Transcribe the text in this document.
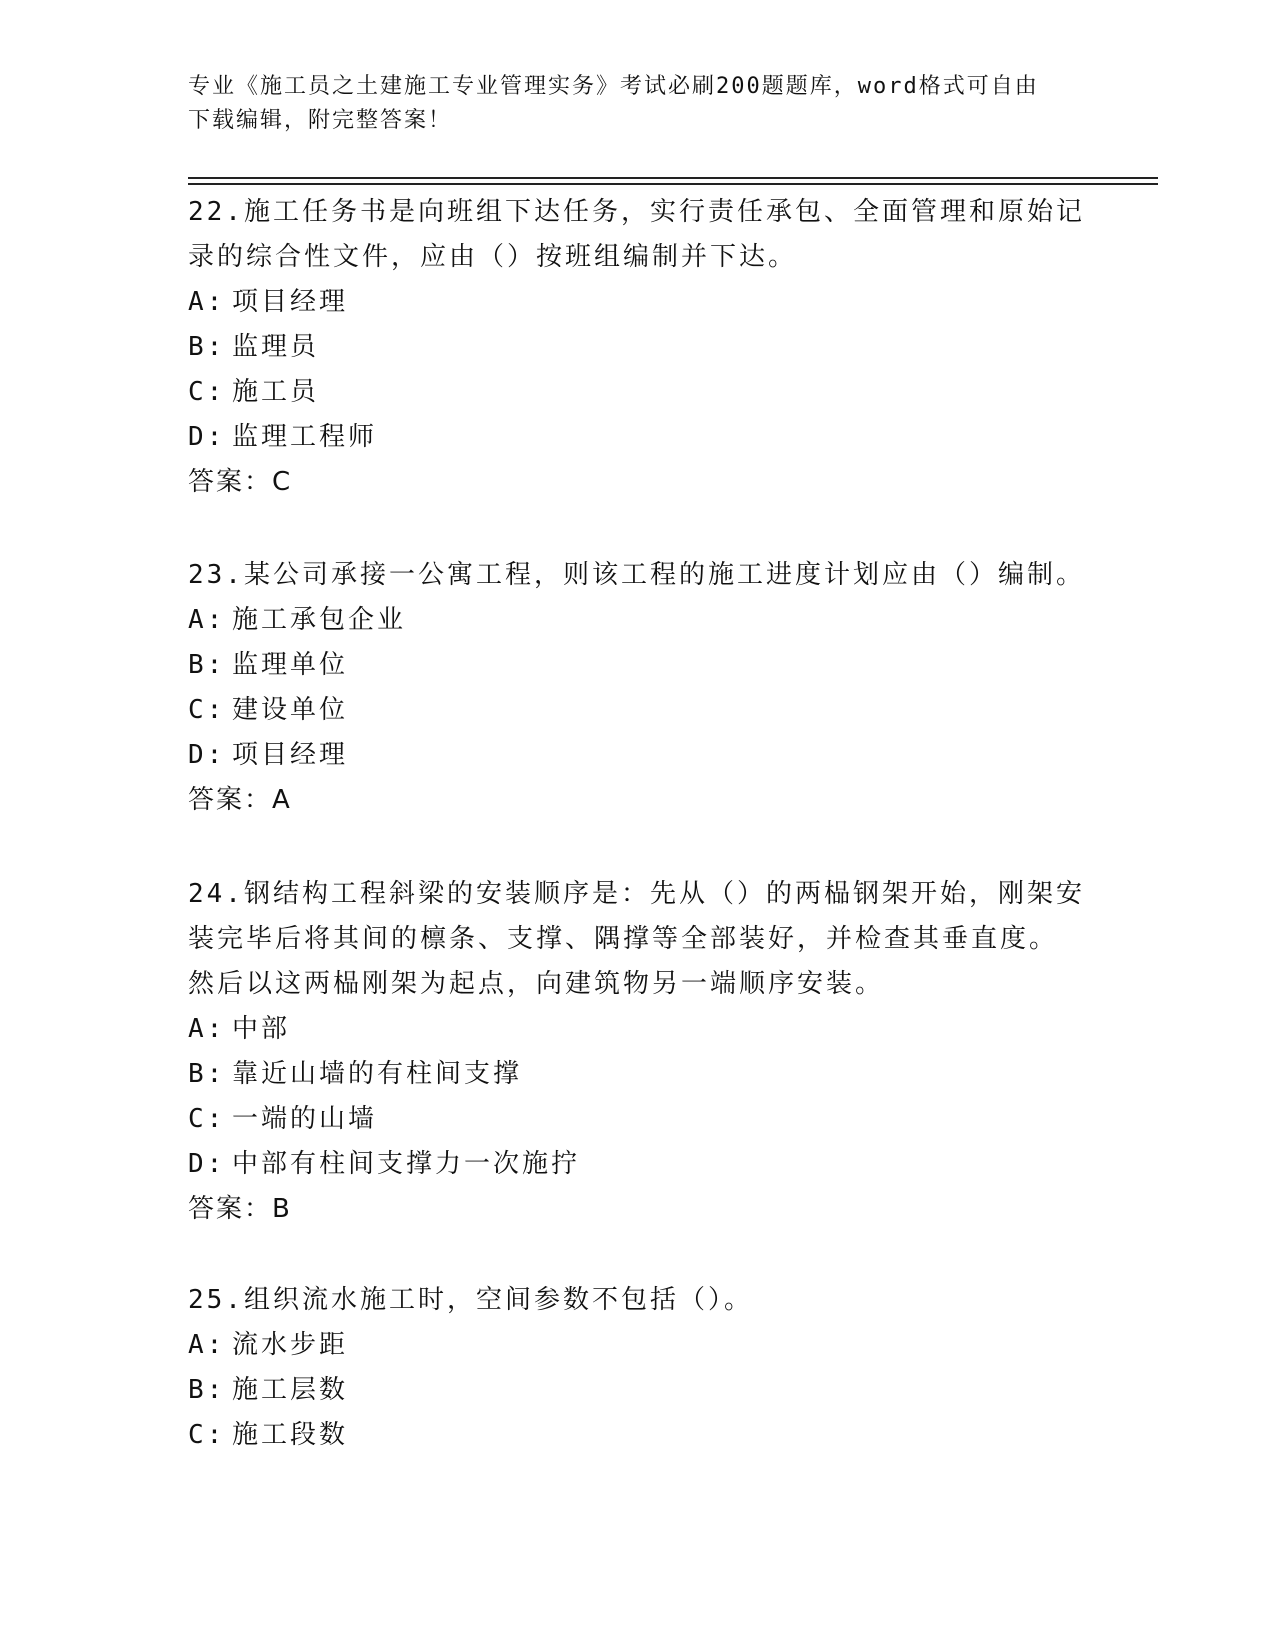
专业《施工员之土建施工专业管理实务》考试必刷200题题库，word格式可自由
下载编辑，附完整答案！

22.施工任务书是向班组下达任务，实行责任承包、全面管理和原始记

录的综合性文件，应由（）按班组编制并下达。

A: 项目经理

B: 监理员

C: 施工员

D: 监理工程师

答案：C

23.某公司承接一公寓工程，则该工程的施工进度计划应由（）编制。

A: 施工承包企业

B: 监理单位

C: 建设单位

D: 项目经理

答案：A

24.钢结构工程斜梁的安装顺序是：先从（）的两榀钢架开始，刚架安

装完毕后将其间的檩条、支撑、隅撑等全部装好，并检查其垂直度。

然后以这两榀刚架为起点，向建筑物另一端顺序安装。

A: 中部

B: 靠近山墙的有柱间支撑

C: 一端的山墙

D: 中部有柱间支撑力一次施拧

答案：B

25.组织流水施工时，空间参数不包括（）。

A: 流水步距

B: 施工层数

C: 施工段数
